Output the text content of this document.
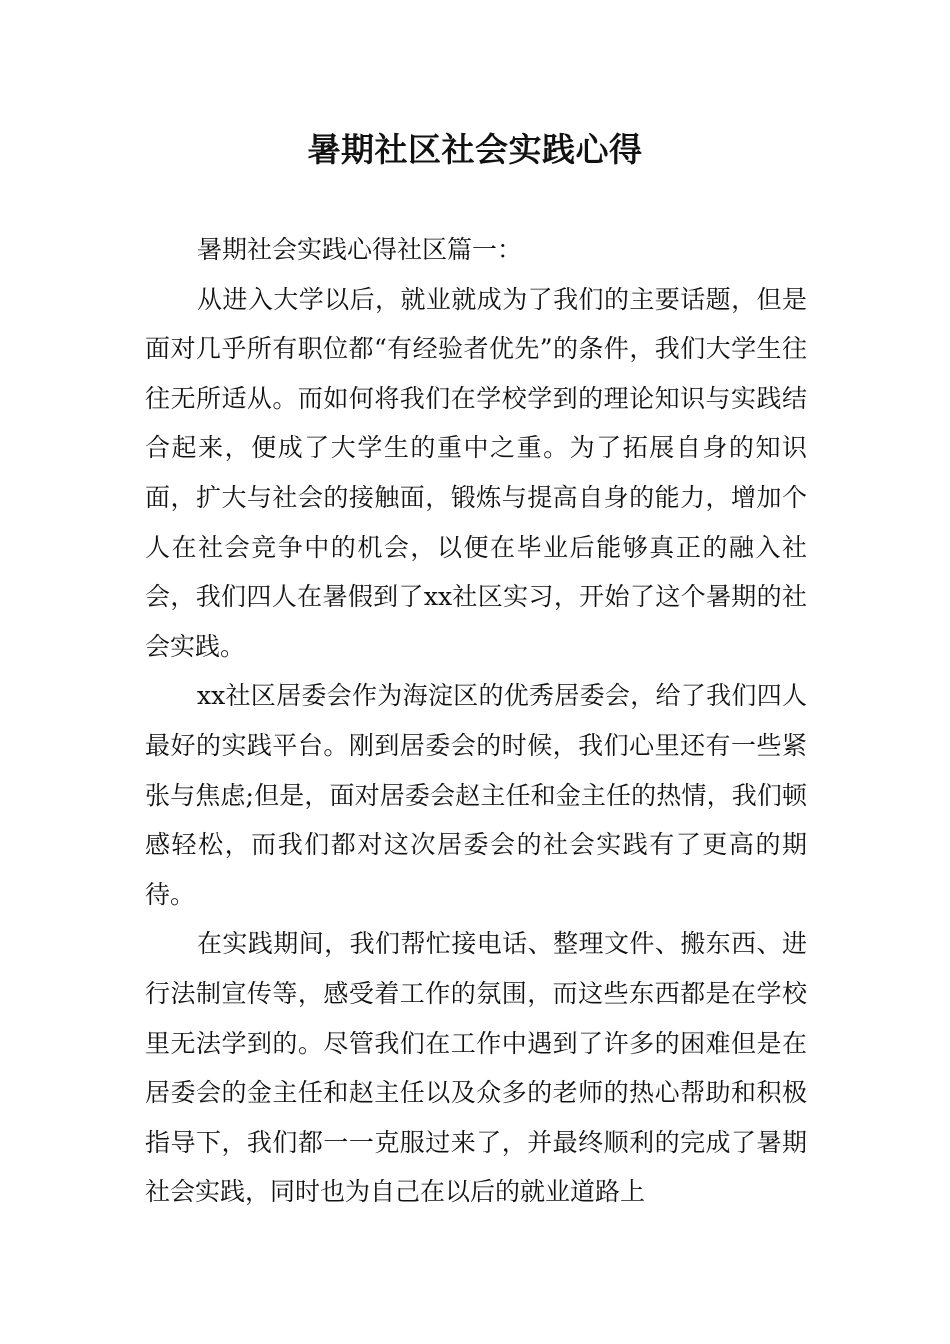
暑期社区社会实践心得

暑期社会实践心得社区篇一：

从进入大学以后，就业就成为了我们的主要话题，但是面对几乎所有职位都“有经验者优先”的条件，我们大学生往往无所适从。而如何将我们在学校学到的理论知识与实践结合起来，便成了大学生的重中之重。为了拓展自身的知识面，扩大与社会的接触面，锻炼与提高自身的能力，增加个人在社会竞争中的机会，以便在毕业后能够真正的融入社会，我们四人在暑假到了xx社区实习，开始了这个暑期的社会实践。

xx社区居委会作为海淀区的优秀居委会，给了我们四人最好的实践平台。刚到居委会的时候，我们心里还有一些紧张与焦虑;但是，面对居委会赵主任和金主任的热情，我们顿感轻松，而我们都对这次居委会的社会实践有了更高的期待。

在实践期间，我们帮忙接电话、整理文件、搬东西、进行法制宣传等，感受着工作的氛围，而这些东西都是在学校里无法学到的。尽管我们在工作中遇到了许多的困难但是在居委会的金主任和赵主任以及众多的老师的热心帮助和积极指导下，我们都一一克服过来了，并最终顺利的完成了暑期社会实践，同时也为自己在以后的就业道路上
